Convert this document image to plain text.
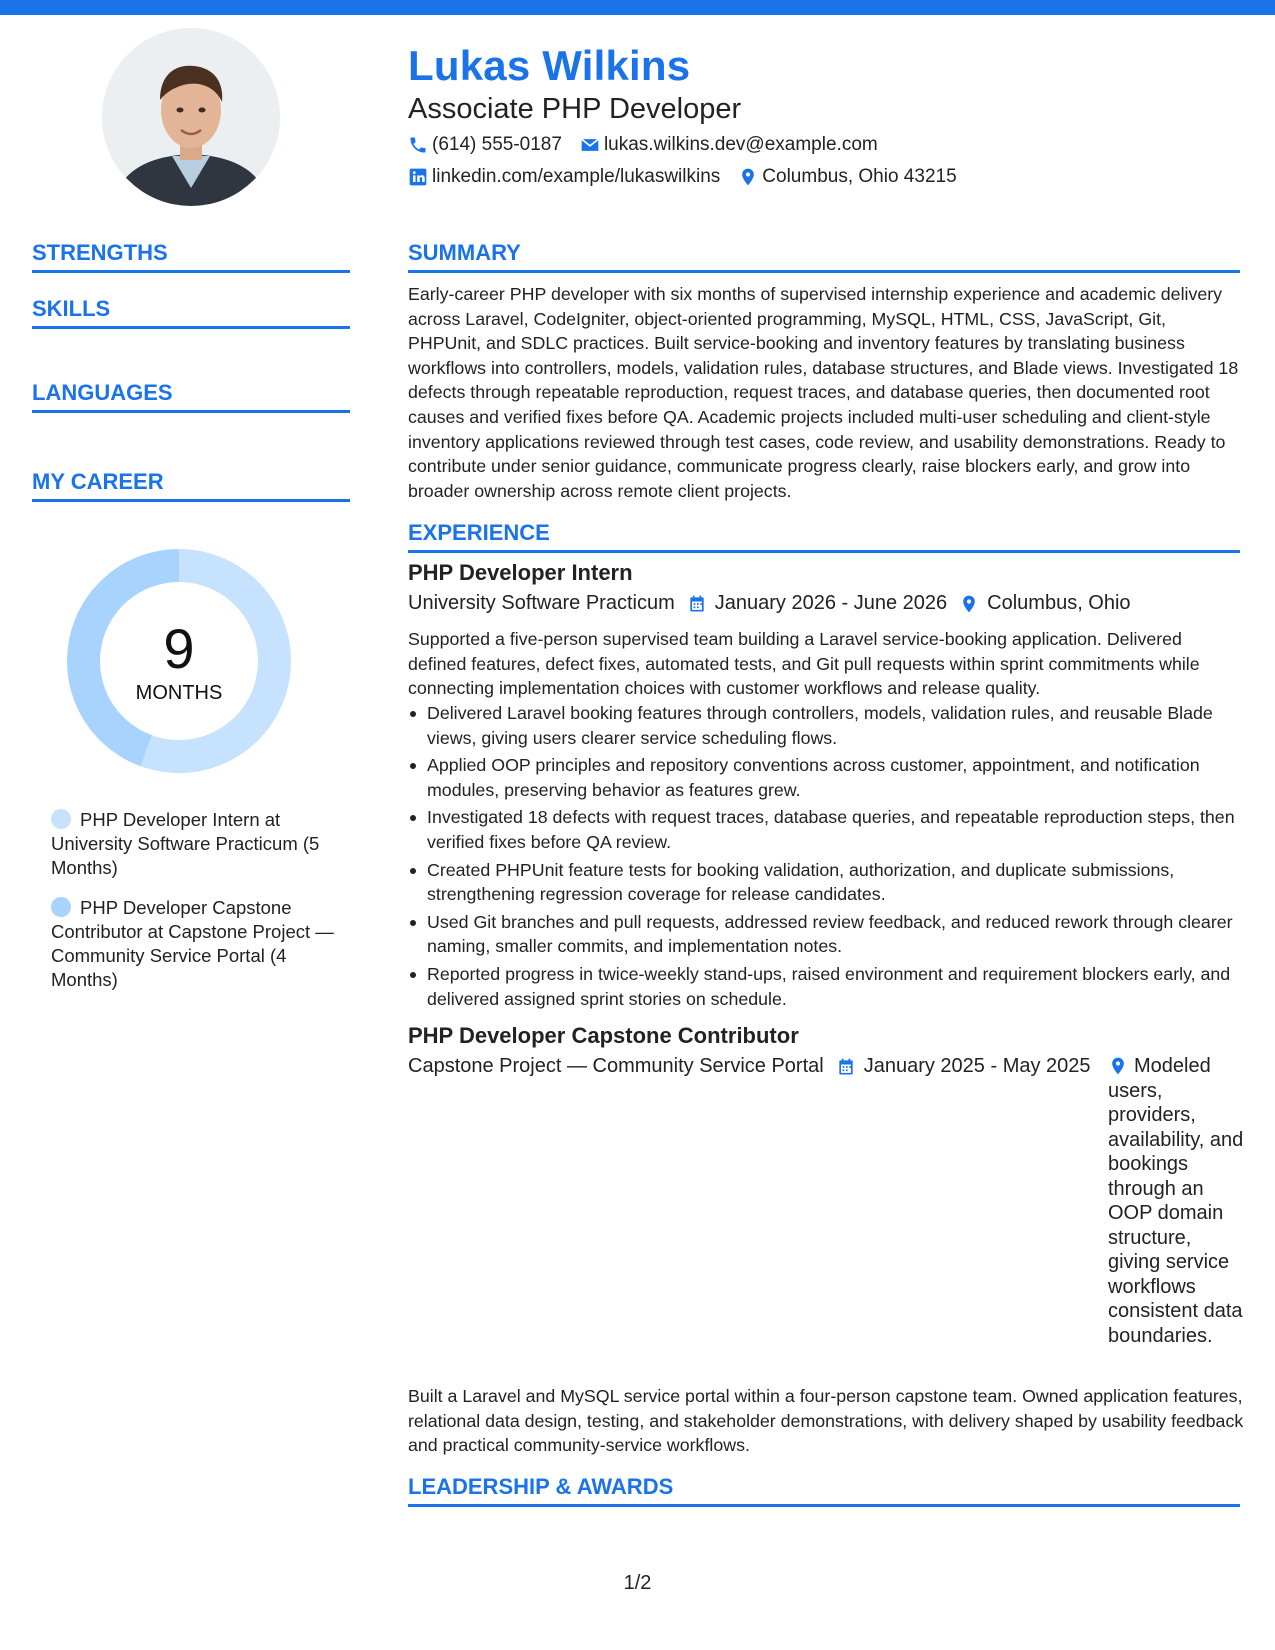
Lukas Wilkins
Associate PHP Developer
(614) 555-0187 lukas.wilkins.dev@example.com
linkedin.com/example/lukaswilkins Columbus, Ohio 43215
STRENGTHS
SKILLS
LANGUAGES
MY CAREER
9
MONTHS
PHP Developer Intern at University Software Practicum (5 Months)
PHP Developer Capstone Contributor at Capstone Project — Community Service Portal (4 Months)
SUMMARY
Early-career PHP developer with six months of supervised internship experience and academic delivery across Laravel, CodeIgniter, object-oriented programming, MySQL, HTML, CSS, JavaScript, Git, PHPUnit, and SDLC practices. Built service-booking and inventory features by translating business workflows into controllers, models, validation rules, database structures, and Blade views. Investigated 18 defects through repeatable reproduction, request traces, and database queries, then documented root causes and verified fixes before QA. Academic projects included multi-user scheduling and client-style inventory applications reviewed through test cases, code review, and usability demonstrations. Ready to contribute under senior guidance, communicate progress clearly, raise blockers early, and grow into broader ownership across remote client projects.
EXPERIENCE
PHP Developer Intern
University Software Practicum January 2026 - June 2026 Columbus, Ohio
Supported a five-person supervised team building a Laravel service-booking application. Delivered defined features, defect fixes, automated tests, and Git pull requests within sprint commitments while connecting implementation choices with customer workflows and release quality.
Delivered Laravel booking features through controllers, models, validation rules, and reusable Blade views, giving users clearer service scheduling flows.
Applied OOP principles and repository conventions across customer, appointment, and notification modules, preserving behavior as features grew.
Investigated 18 defects with request traces, database queries, and repeatable reproduction steps, then verified fixes before QA review.
Created PHPUnit feature tests for booking validation, authorization, and duplicate submissions, strengthening regression coverage for release candidates.
Used Git branches and pull requests, addressed review feedback, and reduced rework through clearer naming, smaller commits, and implementation notes.
Reported progress in twice-weekly stand-ups, raised environment and requirement blockers early, and delivered assigned sprint stories on schedule.
PHP Developer Capstone Contributor
Capstone Project — Community Service Portal January 2025 - May 2025	Modeled users, providers, availability, and bookings through an OOP domain structure, giving service workflows consistent data boundaries.
Built a Laravel and MySQL service portal within a four-person capstone team. Owned application features, relational data design, testing, and stakeholder demonstrations, with delivery shaped by usability feedback and practical community-service workflows.
LEADERSHIP & AWARDS
1/2
